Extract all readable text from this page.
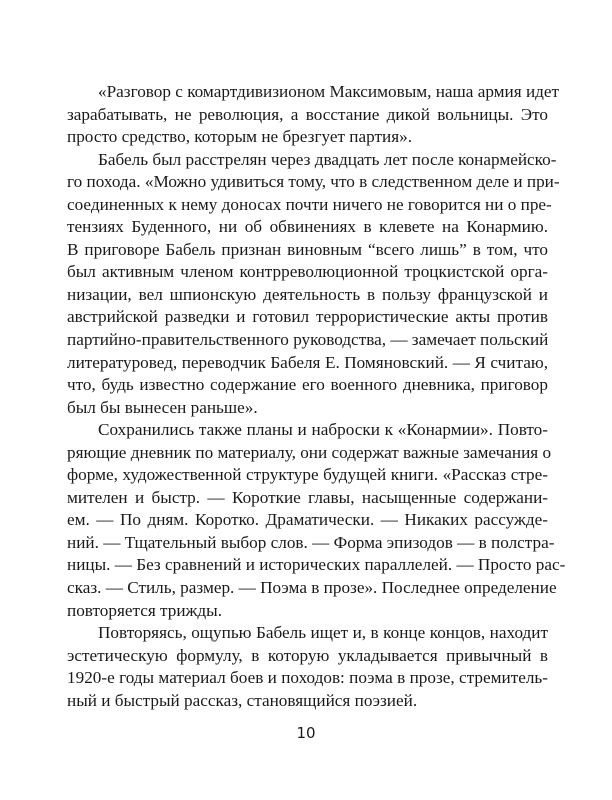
«Разговор с комартдивизионом Максимовым, наша армия идет
зарабатывать, не революция, а восстание дикой вольницы. Это
просто средство, которым не брезгует партия».
Бабель был расстрелян через двадцать лет после конармейско-
го похода. «Можно удивиться тому, что в следственном деле и при-
соединенных к нему доносах почти ничего не говорится ни о пре-
тензиях Буденного, ни об обвинениях в клевете на Конармию.
В приговоре Бабель признан виновным “всего лишь” в том, что
был активным членом контрреволюционной троцкистской орга-
низации, вел шпионскую деятельность в пользу французской и
австрийской разведки и готовил террористические акты против
партийно-правительственного руководства, — замечает польский
литературовед, переводчик Бабеля Е. Помяновский. — Я считаю,
что, будь известно содержание его военного дневника, приговор
был бы вынесен раньше».
Сохранились также планы и наброски к «Конармии». Повто-
ряющие дневник по материалу, они содержат важные замечания о
форме, художественной структуре будущей книги. «Рассказ стре-
мителен и быстр. — Короткие главы, насыщенные содержани-
ем. — По дням. Коротко. Драматически. — Никаких рассужде-
ний. — Тщательный выбор слов. — Форма эпизодов — в полстра-
ницы. — Без сравнений и исторических параллелей. — Просто рас-
сказ. — Стиль, размер. — Поэма в прозе». Последнее определение
повторяется трижды.
Повторяясь, ощупью Бабель ищет и, в конце концов, находит
эстетическую формулу, в которую укладывается привычный в
1920-е годы материал боев и походов: поэма в прозе, стремитель-
ный и быстрый рассказ, становящийся поэзией.
10
